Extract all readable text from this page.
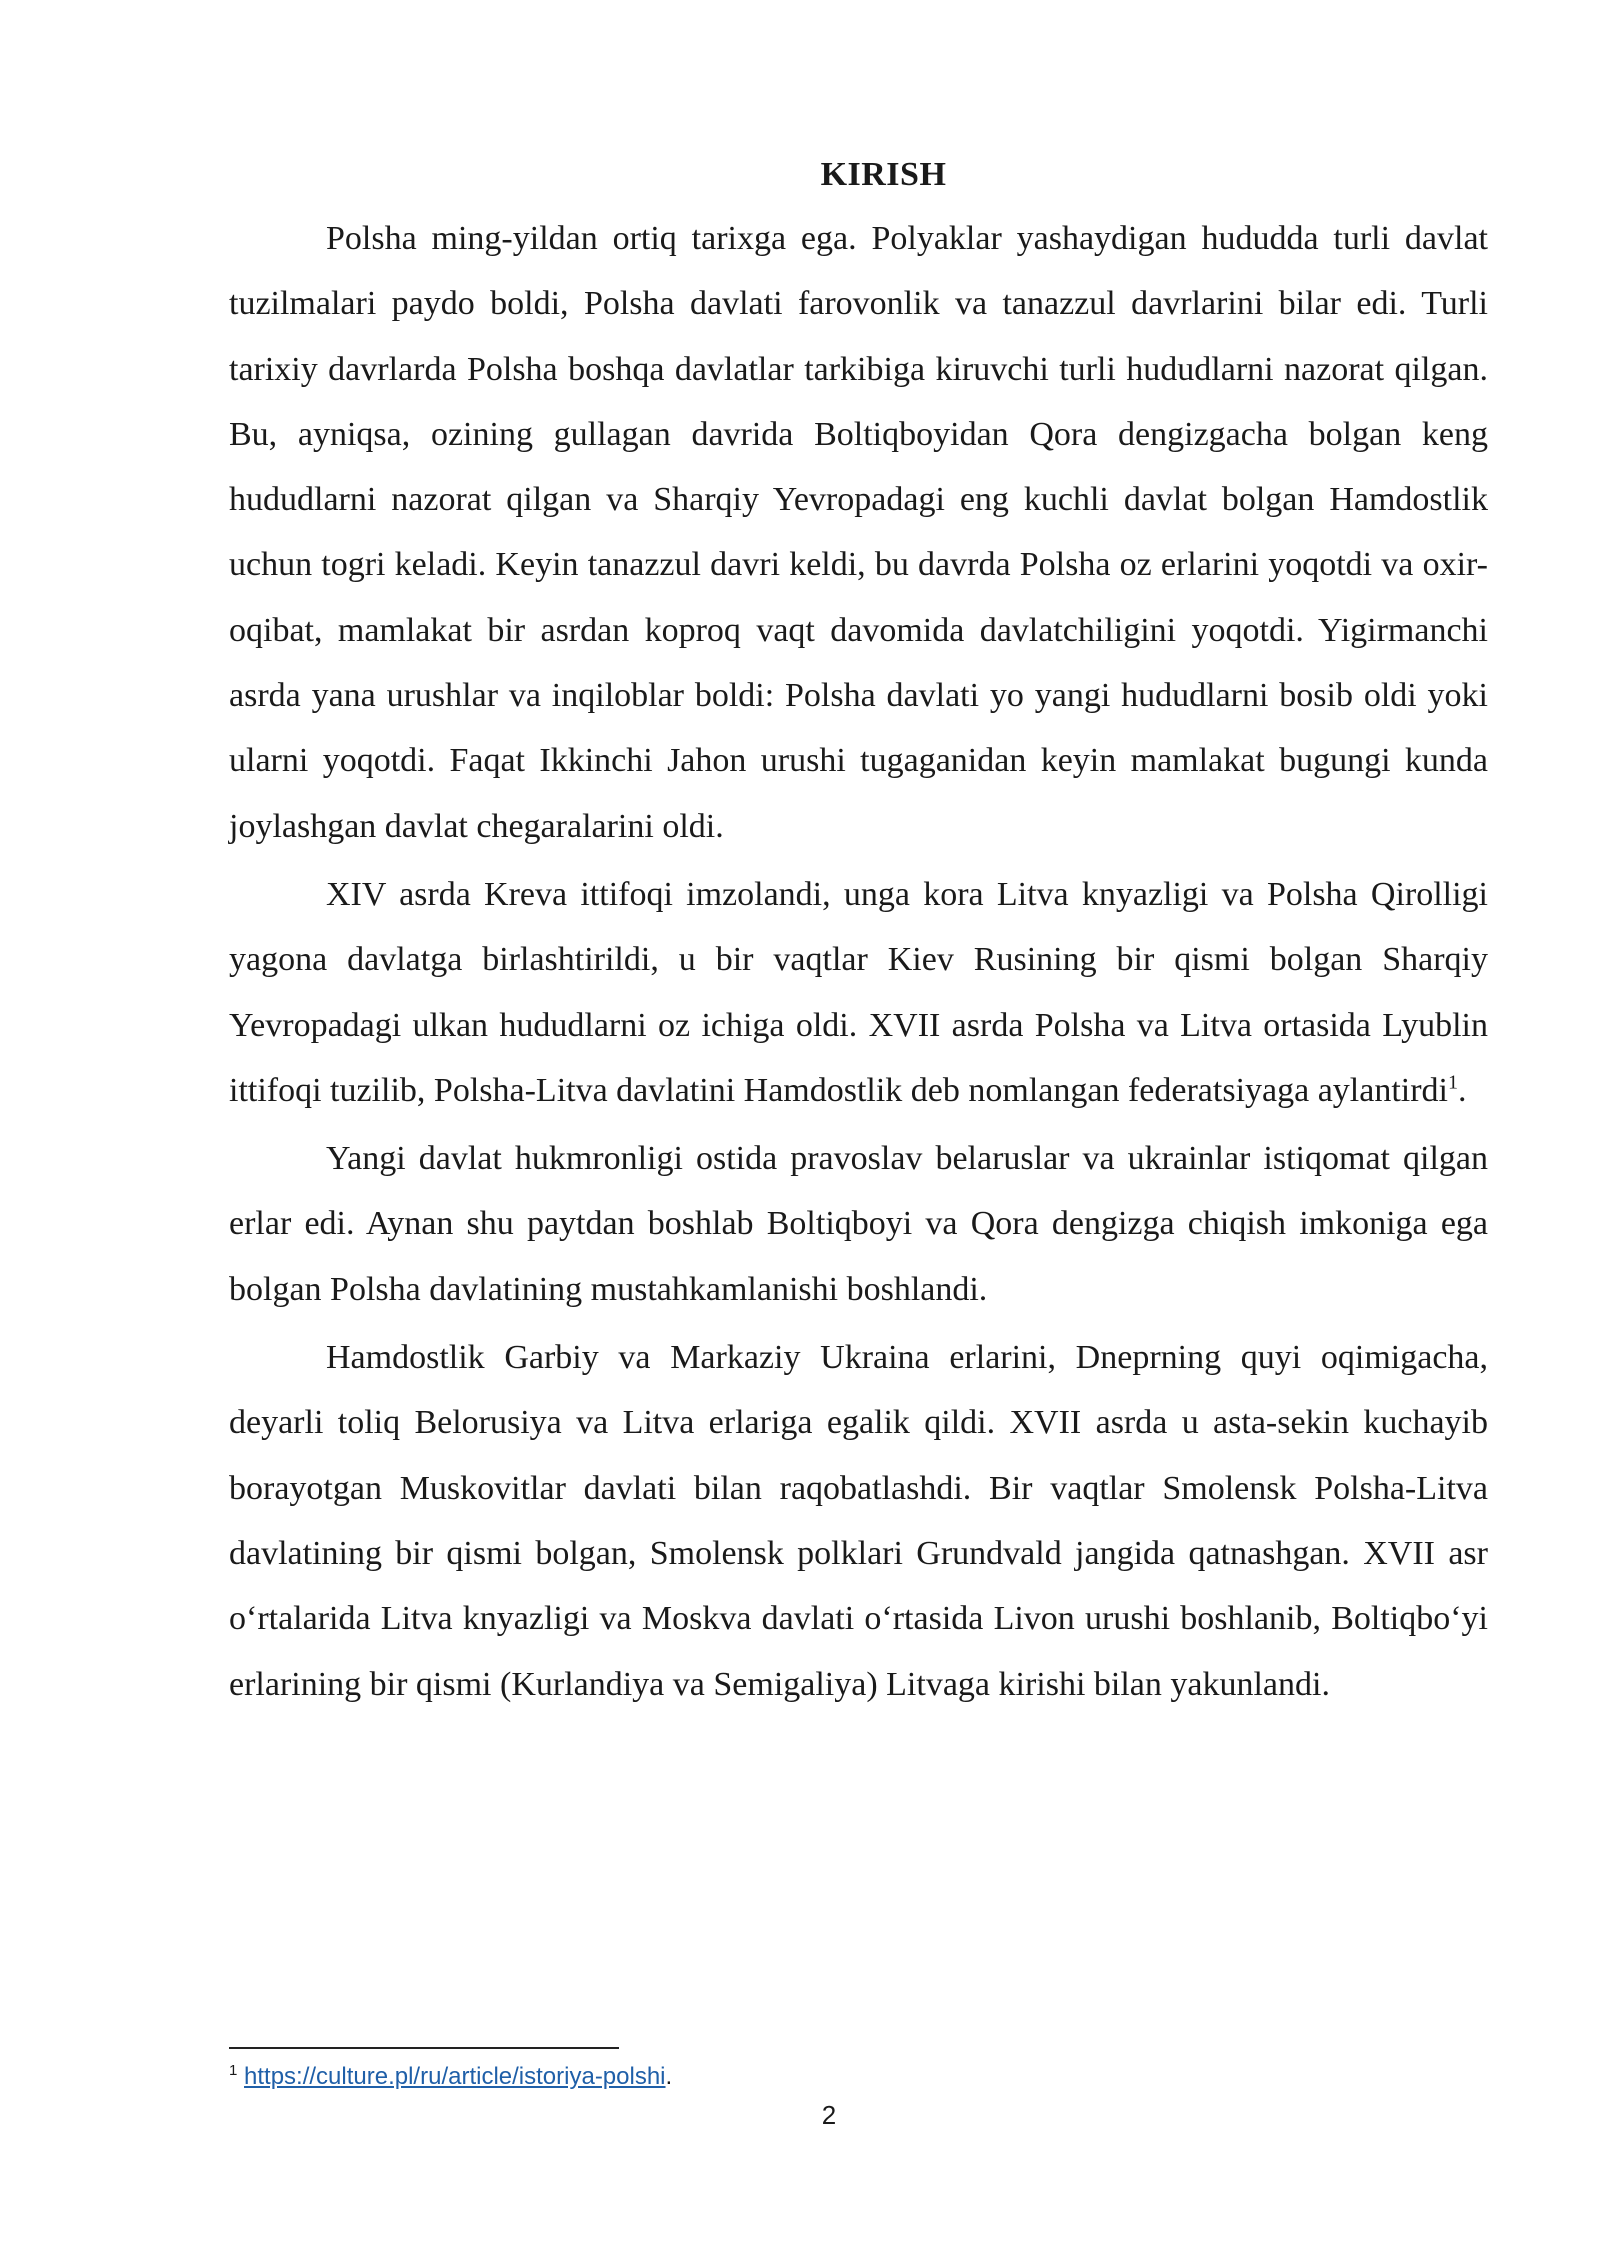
KIRISH

Polsha ming-yildan ortiq tarixga ega. Polyaklar yashaydigan hududda turli davlat tuzilmalari paydo boldi, Polsha davlati farovonlik va tanazzul davrlarini bilar edi. Turli tarixiy davrlarda Polsha boshqa davlatlar tarkibiga kiruvchi turli hududlarni nazorat qilgan. Bu, ayniqsa, ozining gullagan davrida Boltiqboyidan Qora dengizgacha bolgan keng hududlarni nazorat qilgan va Sharqiy Yevropadagi eng kuchli davlat bolgan Hamdostlik uchun togri keladi. Keyin tanazzul davri keldi, bu davrda Polsha oz erlarini yoqotdi va oxir-oqibat, mamlakat bir asrdan koproq vaqt davomida davlatchiligini yoqotdi. Yigirmanchi asrda yana urushlar va inqiloblar boldi: Polsha davlati yo yangi hududlarni bosib oldi yoki ularni yoqotdi. Faqat Ikkinchi Jahon urushi tugaganidan keyin mamlakat bugungi kunda joylashgan davlat chegaralarini oldi.

XIV asrda Kreva ittifoqi imzolandi, unga kora Litva knyazligi va Polsha Qirolligi yagona davlatga birlashtirildi, u bir vaqtlar Kiev Rusining bir qismi bolgan Sharqiy Yevropadagi ulkan hududlarni oz ichiga oldi. XVII asrda Polsha va Litva ortasida Lyublin ittifoqi tuzilib, Polsha-Litva davlatini Hamdostlik deb nomlangan federatsiyaga aylantirdi$^1$.

Yangi davlat hukmronligi ostida pravoslav belaruslar va ukrainlar istiqomat qilgan erlar edi. Aynan shu paytdan boshlab Boltiqboyi va Qora dengizga chiqish imkoniga ega bolgan Polsha davlatining mustahkamlanishi boshlandi.

Hamdostlik Garbiy va Markaziy Ukraina erlarini, Dneprning quyi oqimigacha, deyarli toliq Belorusiya va Litva erlariga egalik qildi. XVII asrda u asta-sekin kuchayib borayotgan Muskovitlar davlati bilan raqobatlashdi. Bir vaqtlar Smolensk Polsha-Litva davlatining bir qismi bolgan, Smolensk polklari Grundvald jangida qatnashgan. XVII asr o‘rtalarida Litva knyazligi va Moskva davlati o‘rtasida Livon urushi boshlanib, Boltiqbo‘yi erlarining bir qismi (Kurlandiya va Semigaliya) Litvaga kirishi bilan yakunlandi.

$^1$ https://culture.pl/ru/article/istoriya-polshi.
2
